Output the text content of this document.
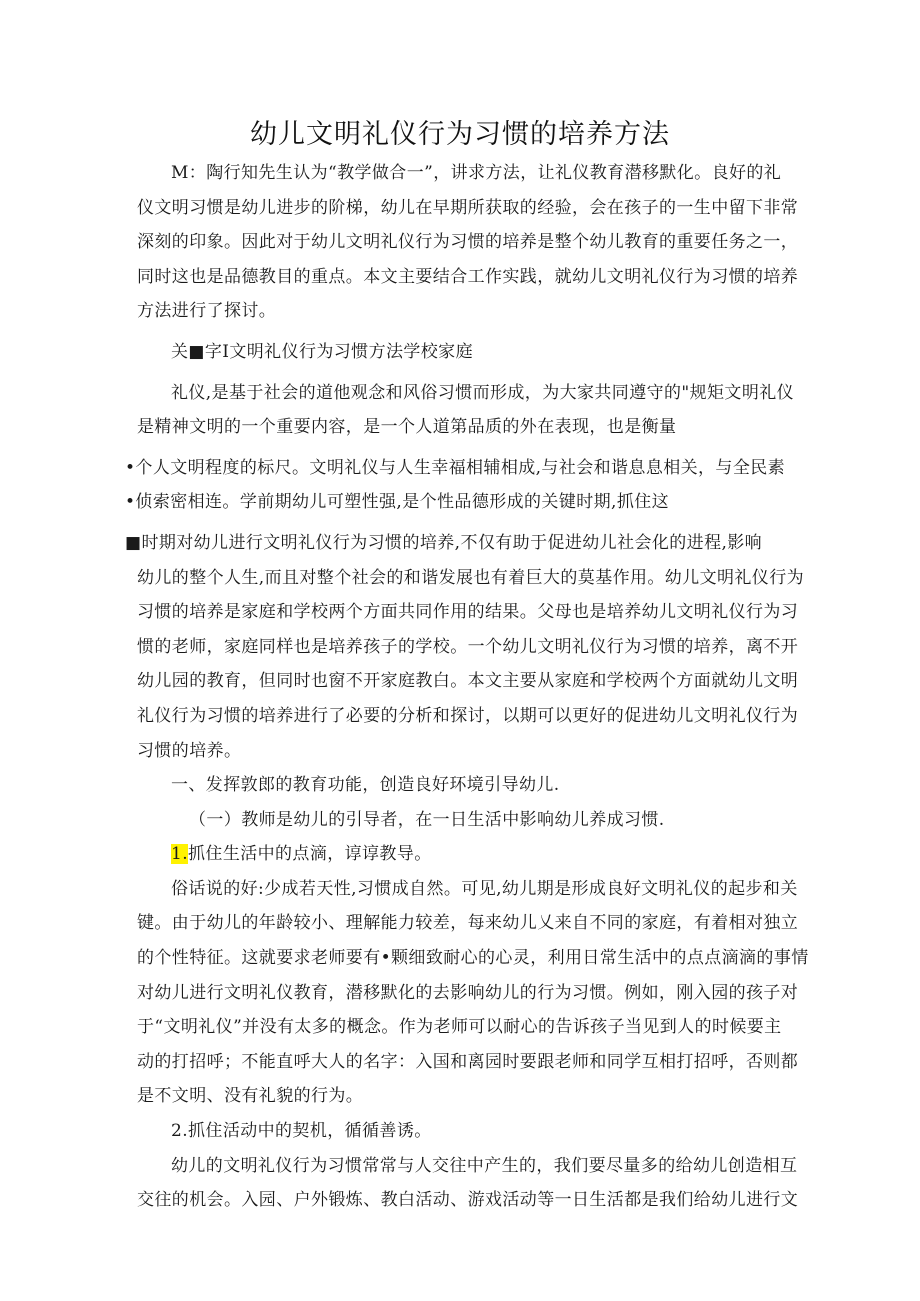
幼儿文明礼仪行为习惯的培养方法
M：陶行知先生认为“教学做合一”，讲求方法，让礼仪教育潜移默化。良好的礼
仪文明习惯是幼儿进步的阶梯，幼儿在早期所获取的经验，会在孩子的一生中留下非常
深刻的印象。因此对于幼儿文明礼仪行为习惯的培养是整个幼儿教育的重要任务之一，
同时这也是品德教目的重点。本文主要结合工作实践，就幼儿文明礼仪行为习惯的培养
方法进行了探讨。
关■字I文明礼仪行为习惯方法学校家庭
礼仪,是基于社会的道他观念和风俗习惯而形成，为大家共同遵守的"规矩文明礼仪
是精神文明的一个重要内容，是一个人道第品质的外在表现，也是衡量
•个人文明程度的标尺。文明礼仪与人生幸福相辅相成,与社会和谐息息相关，与全民素
•侦索密相连。学前期幼儿可塑性强,是个性品德形成的关键时期,抓住这
■时期对幼儿进行文明礼仪行为习惯的培养,不仅有助于促进幼儿社会化的进程,影响
幼儿的整个人生,而且对整个社会的和谐发展也有着巨大的莫基作用。幼儿文明礼仪行为
习惯的培养是家庭和学校两个方面共同作用的结果。父母也是培养幼儿文明礼仪行为习
惯的老师，家庭同样也是培养孩子的学校。一个幼儿文明礼仪行为习惯的培养，离不开
幼儿园的教育，但同时也窗不开家庭教白。本文主要从家庭和学校两个方面就幼儿文明
礼仪行为习惯的培养进行了必要的分析和探讨，以期可以更好的促进幼儿文明礼仪行为
习惯的培养。
一、发挥敦郎的教育功能，创造良好环境引导幼儿.
（一）教师是幼儿的引导者，在一日生活中影响幼儿养成习惯.
1.抓住生活中的点滴，谆谆教导。
俗话说的好:少成若天性,习惯成自然。可见,幼儿期是形成良好文明礼仪的起步和关
键。由于幼儿的年龄较小、理解能力较差，每来幼儿乂来自不同的家庭，有着相对独立
的个性特征。这就要求老师要有•颗细致耐心的心灵，利用日常生活中的点点滴滴的事情
对幼儿进行文明礼仪教育，潜移默化的去影响幼儿的行为习惯。例如，刚入园的孩子对
于“文明礼仪”并没有太多的概念。作为老师可以耐心的告诉孩子当见到人的时候要主
动的打招呼；不能直呼大人的名字：入国和离园时要跟老师和同学互相打招呼，否则都
是不文明、没有礼貌的行为。
2.抓住活动中的契机，循循善诱。
幼儿的文明礼仪行为习惯常常与人交往中产生的，我们要尽量多的给幼儿创造相互
交往的机会。入园、户外锻炼、教白活动、游戏活动等一日生活都是我们给幼儿进行文
